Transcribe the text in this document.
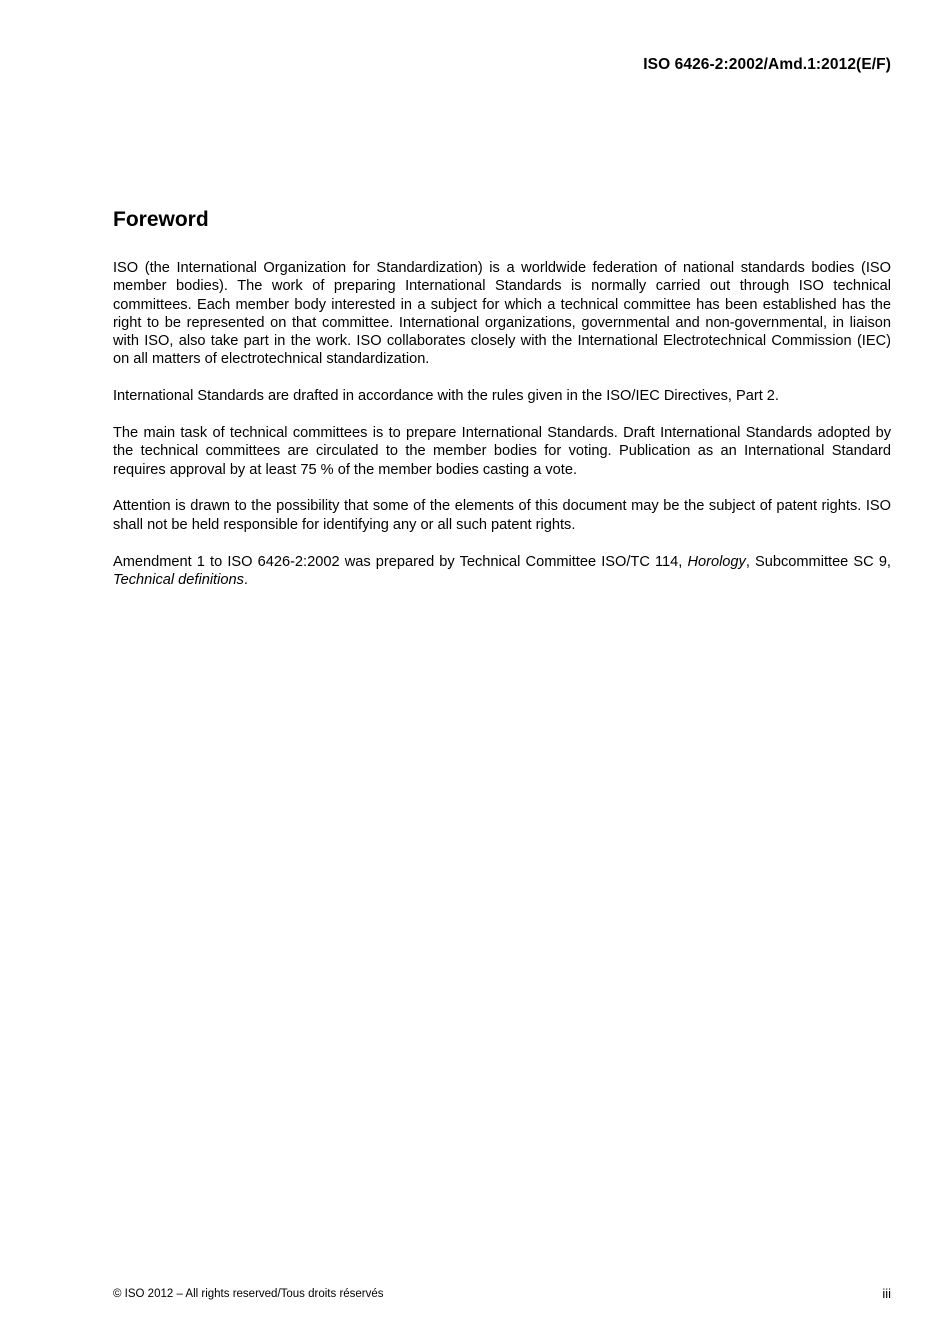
ISO 6426-2:2002/Amd.1:2012(E/F)
Foreword

ISO (the International Organization for Standardization) is a worldwide federation of national standards bodies (ISO member bodies). The work of preparing International Standards is normally carried out through ISO technical committees. Each member body interested in a subject for which a technical committee has been established has the right to be represented on that committee. International organizations, governmental and non-governmental, in liaison with ISO, also take part in the work. ISO collaborates closely with the International Electrotechnical Commission (IEC) on all matters of electrotechnical standardization.

International Standards are drafted in accordance with the rules given in the ISO/IEC Directives, Part 2.

The main task of technical committees is to prepare International Standards. Draft International Standards adopted by the technical committees are circulated to the member bodies for voting. Publication as an International Standard requires approval by at least 75 % of the member bodies casting a vote.

Attention is drawn to the possibility that some of the elements of this document may be the subject of patent rights. ISO shall not be held responsible for identifying any or all such patent rights.

Amendment 1 to ISO 6426-2:2002 was prepared by Technical Committee ISO/TC 114, Horology, Subcommittee SC 9, Technical definitions.

© ISO 2012 – All rights reserved/Tous droits réservés	iii
